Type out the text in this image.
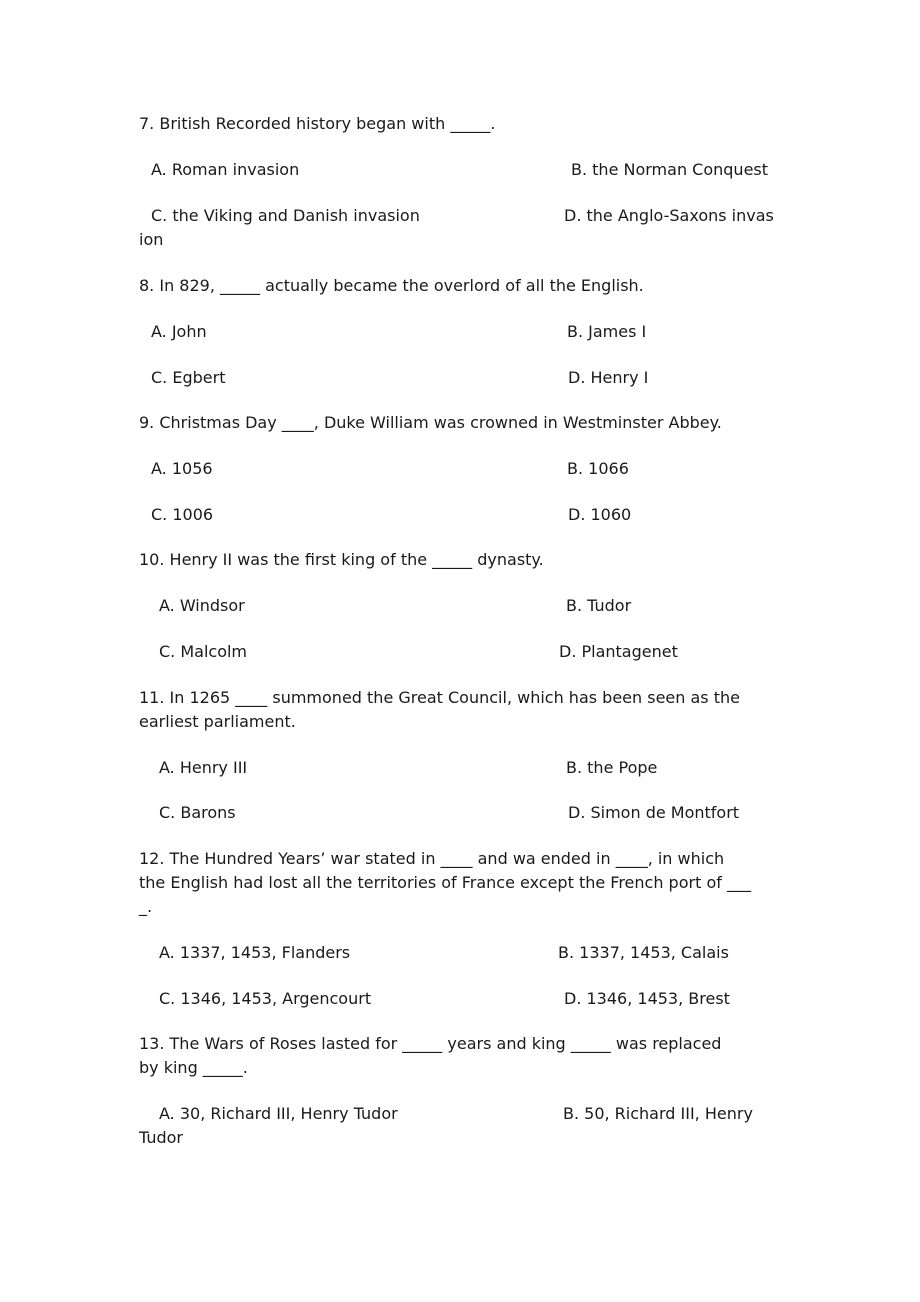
7. British Recorded history began with _____.

A. Roman invasion	B. the Norman Conquest

C. the Viking and Danish invasion	D. the Anglo-Saxons invas

ion

8. In 829, _____ actually became the overlord of all the English.

A. John	B. James I

C. Egbert	D. Henry I

9. Christmas Day ____, Duke William was crowned in Westminster Abbey.

A. 1056	B. 1066

C. 1006	D. 1060

10. Henry II was the first king of the _____ dynasty.

A. Windsor	B. Tudor

C. Malcolm	D. Plantagenet

11. In 1265 ____ summoned the Great Council, which has been seen as the

earliest parliament.

A. Henry III	B. the Pope

C. Barons	D. Simon de Montfort

12. The Hundred Years’ war stated in ____ and wa ended in ____, in which

the English had lost all the territories of France except the French port of ___

_.

A. 1337, 1453, Flanders	B. 1337, 1453, Calais

C. 1346, 1453, Argencourt	D. 1346, 1453, Brest

13. The Wars of Roses lasted for _____ years and king _____ was replaced

by king _____.

A. 30, Richard III, Henry Tudor	B. 50, Richard III, Henry

Tudor
